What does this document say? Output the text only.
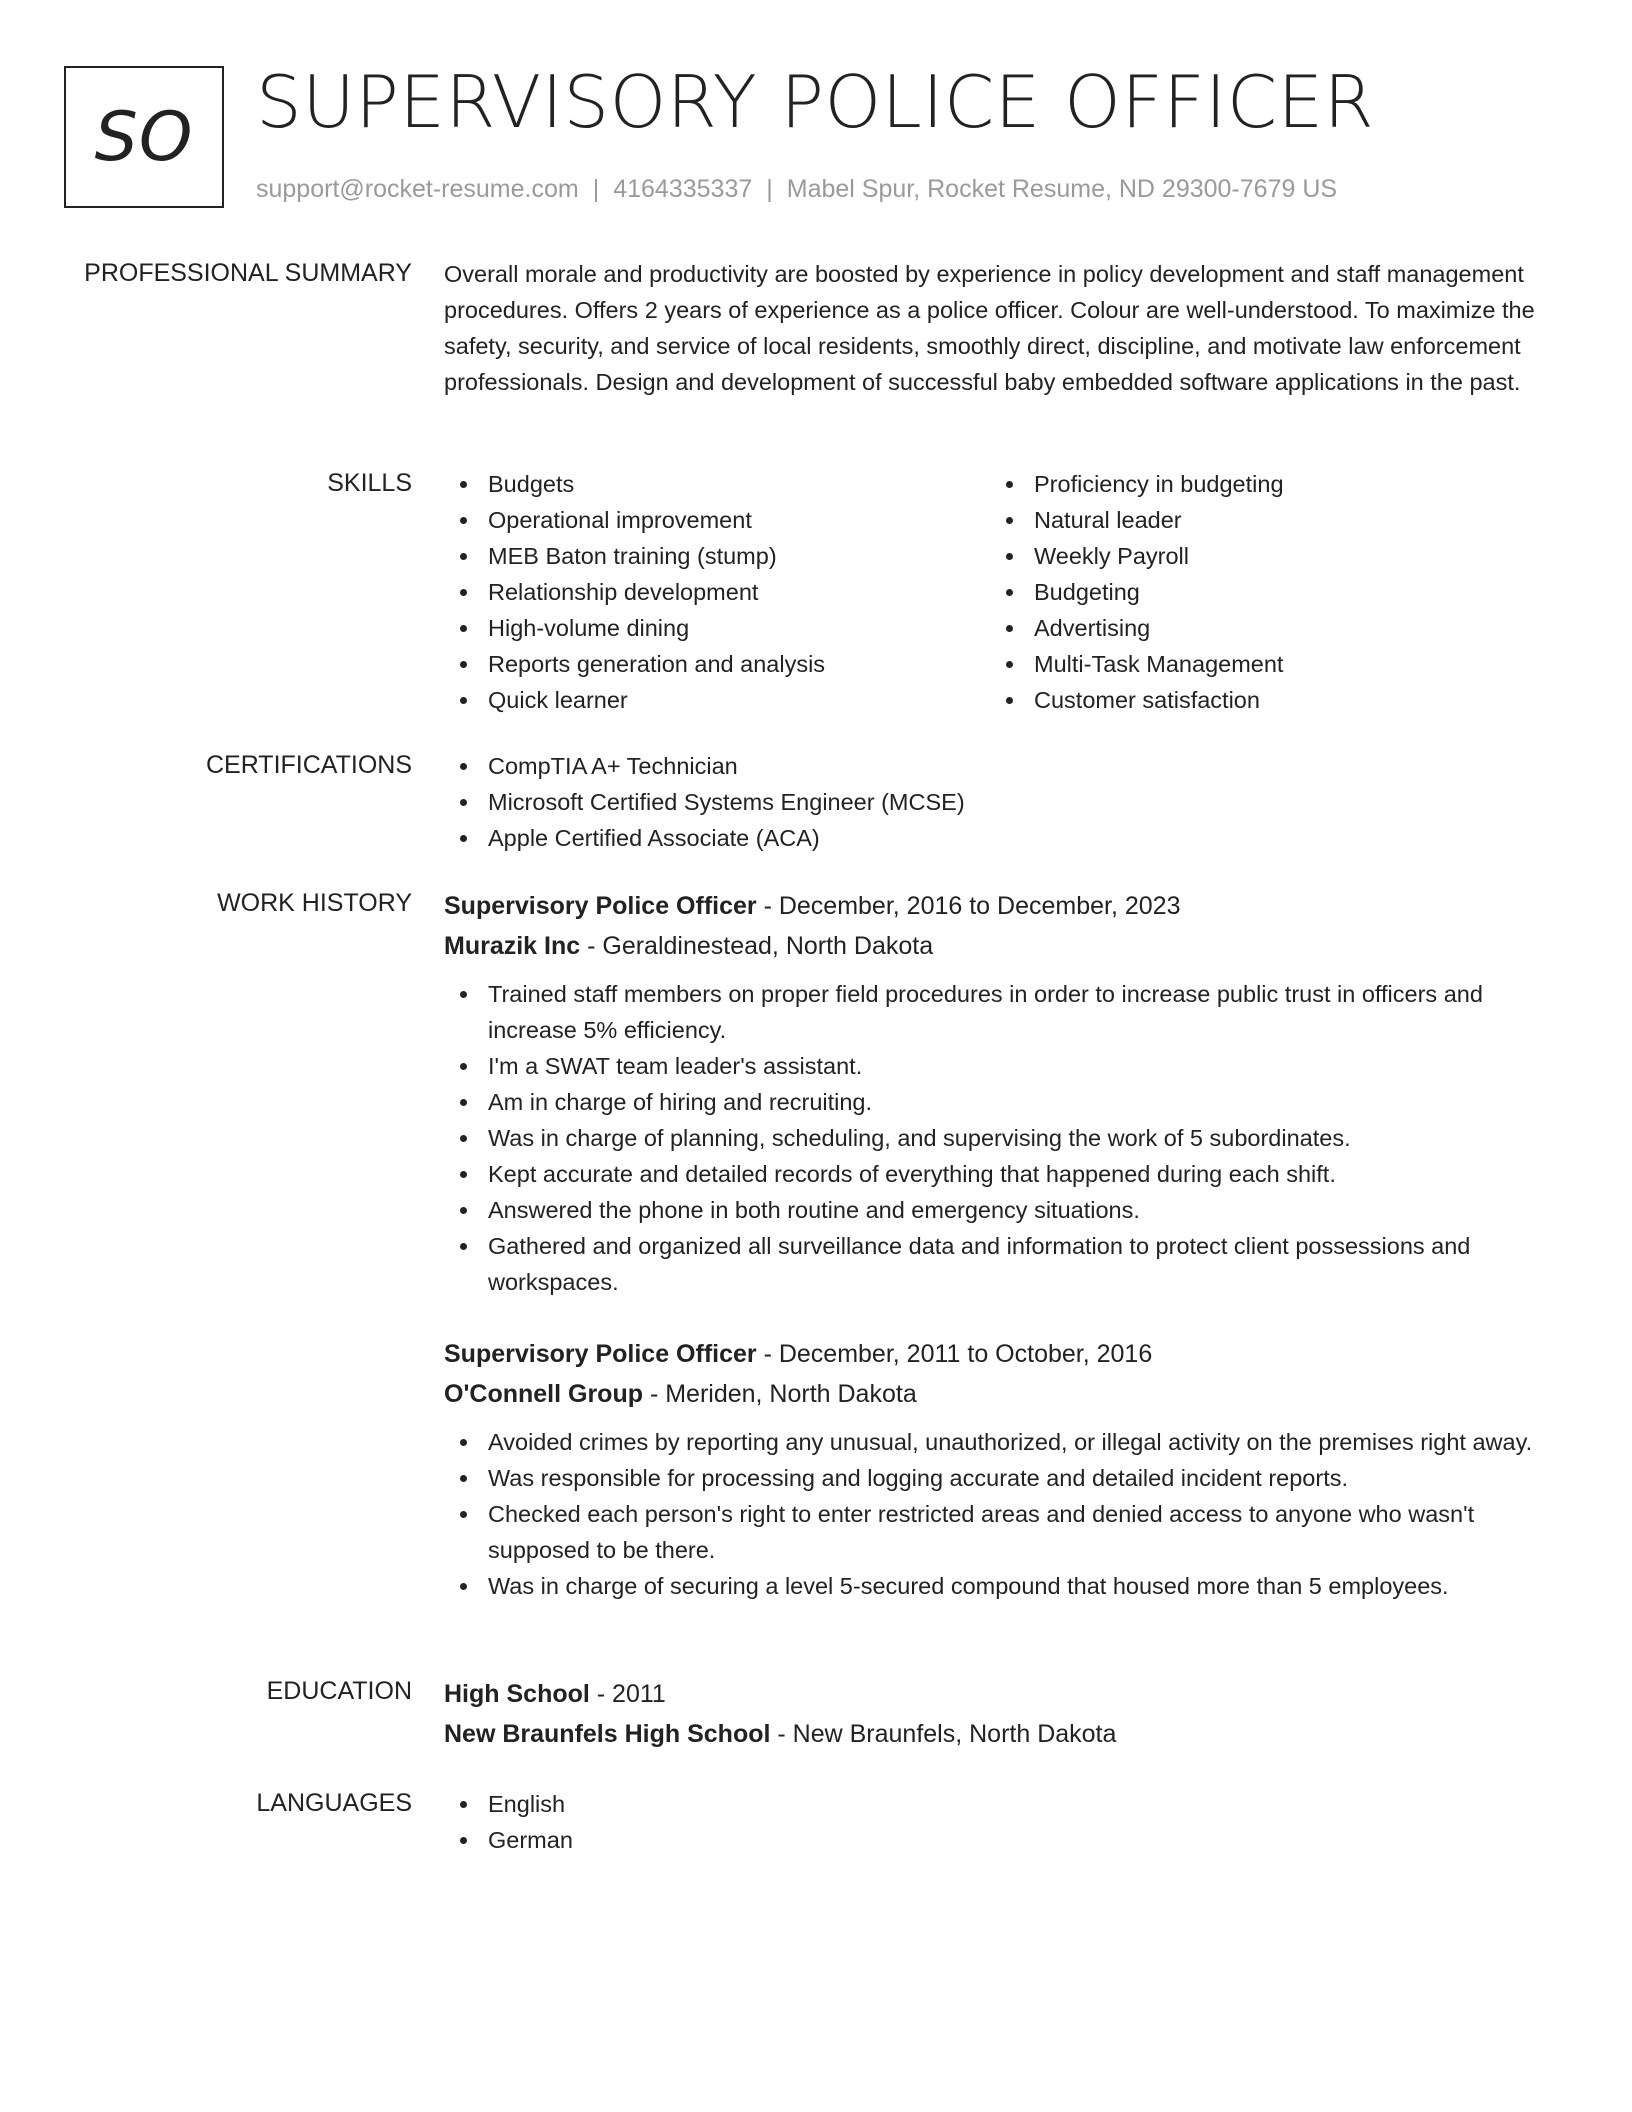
SO SUPERVISORY POLICE OFFICER
support@rocket-resume.com | 4164335337 | Mabel Spur, Rocket Resume, ND 29300-7679 US
PROFESSIONAL SUMMARY Overall morale and productivity are boosted by experience in policy development and staff management procedures. Offers 2 years of experience as a police officer. Colour are well-understood. To maximize the safety, security, and service of local residents, smoothly direct, discipline, and motivate law enforcement professionals. Design and development of successful baby embedded software applications in the past.

SKILLS	Budgets
Operational improvement
MEB Baton training (stump)
Relationship development
High-volume dining
Reports generation and analysis
Quick learner
Proficiency in budgeting
Natural leader
Weekly Payroll
Budgeting
Advertising
Multi-Task Management
Customer satisfaction
CERTIFICATIONS	CompTIA A+ Technician
Microsoft Certified Systems Engineer (MCSE)
Apple Certified Associate (ACA)
WORK HISTORY Supervisory Police Officer - December, 2016 to December, 2023
Murazik Inc - Geraldinestead, North Dakota
Trained staff members on proper field procedures in order to increase public trust in officers and increase 5% efficiency.
I'm a SWAT team leader's assistant.
Am in charge of hiring and recruiting.
Was in charge of planning, scheduling, and supervising the work of 5 subordinates.
Kept accurate and detailed records of everything that happened during each shift.
Answered the phone in both routine and emergency situations.
Gathered and organized all surveillance data and information to protect client possessions and workspaces.
Supervisory Police Officer - December, 2011 to October, 2016
O'Connell Group - Meriden, North Dakota
Avoided crimes by reporting any unusual, unauthorized, or illegal activity on the premises right away.
Was responsible for processing and logging accurate and detailed incident reports.
Checked each person's right to enter restricted areas and denied access to anyone who wasn't supposed to be there.
Was in charge of securing a level 5-secured compound that housed more than 5 employees.
EDUCATION High School - 2011
New Braunfels High School - New Braunfels, North Dakota
LANGUAGES	English
German
